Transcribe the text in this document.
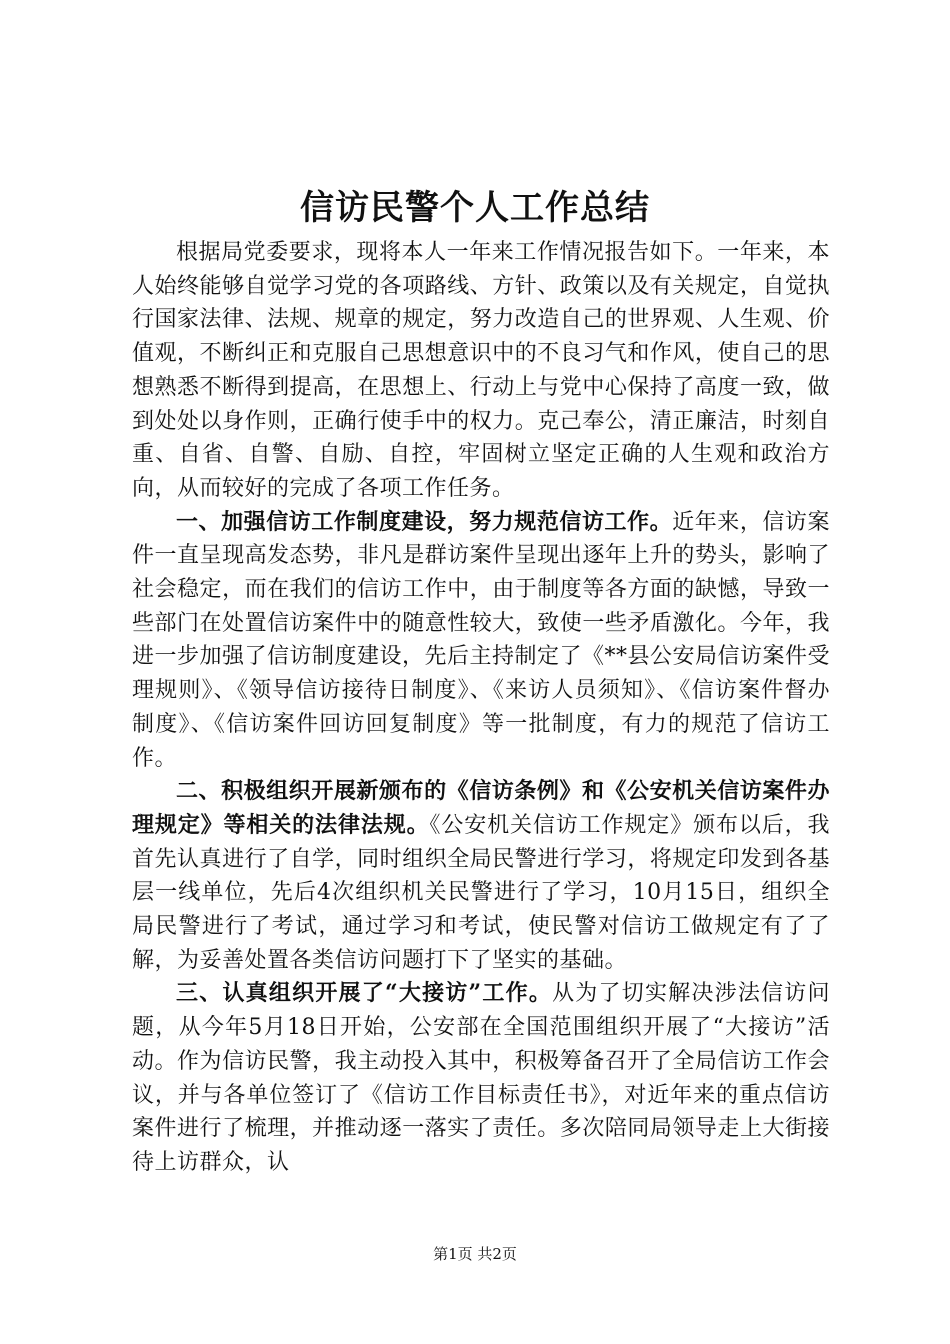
信访民警个人工作总结

根据局党委要求，现将本人一年来工作情况报告如下。一年来，本人始终能够自觉学习党的各项路线、方针、政策以及有关规定，自觉执行国家法律、法规、规章的规定，努力改造自己的世界观、人生观、价值观，不断纠正和克服自己思想意识中的不良习气和作风，使自己的思想熟悉不断得到提高，在思想上、行动上与党中心保持了高度一致，做到处处以身作则，正确行使手中的权力。克己奉公，清正廉洁，时刻自重、自省、自警、自励、自控，牢固树立坚定正确的人生观和政治方向，从而较好的完成了各项工作任务。

一、加强信访工作制度建设，努力规范信访工作。近年来，信访案件一直呈现高发态势，非凡是群访案件呈现出逐年上升的势头，影响了社会稳定，而在我们的信访工作中，由于制度等各方面的缺憾，导致一些部门在处置信访案件中的随意性较大，致使一些矛盾激化。今年，我进一步加强了信访制度建设，先后主持制定了《**县公安局信访案件受理规则》、《领导信访接待日制度》、《来访人员须知》、《信访案件督办制度》、《信访案件回访回复制度》等一批制度，有力的规范了信访工作。

二、积极组织开展新颁布的《信访条例》和《公安机关信访案件办理规定》等相关的法律法规。《公安机关信访工作规定》颁布以后，我首先认真进行了自学，同时组织全局民警进行学习，将规定印发到各基层一线单位，先后4次组织机关民警进行了学习，10月15日，组织全局民警进行了考试，通过学习和考试，使民警对信访工做规定有了了解，为妥善处置各类信访问题打下了坚实的基础。

三、认真组织开展了“大接访”工作。从为了切实解决涉法信访问题，从今年5月18日开始，公安部在全国范围组织开展了“大接访”活动。作为信访民警，我主动投入其中，积极筹备召开了全局信访工作会议，并与各单位签订了《信访工作目标责任书》，对近年来的重点信访案件进行了梳理，并推动逐一落实了责任。多次陪同局领导走上大街接待上访群众，认

第1页 共2页
